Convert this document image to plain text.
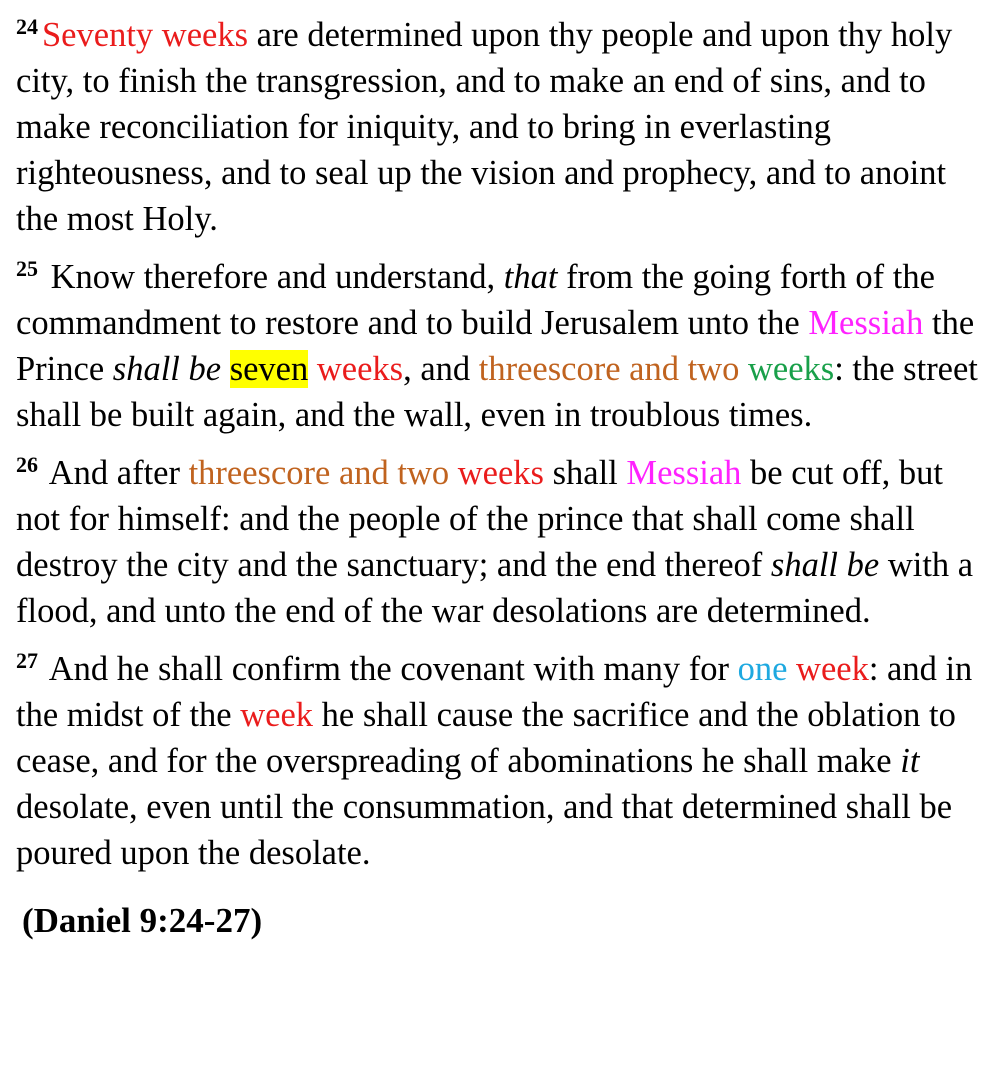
$^{24}$ Seventy weeks are determined upon thy people and upon thy holy city, to finish the transgression, and to make an end of sins, and to make reconciliation for iniquity, and to bring in everlasting righteousness, and to seal up the vision and prophecy, and to anoint the most Holy.

$^{25}$ Know therefore and understand, that from the going forth of the commandment to restore and to build Jerusalem unto the Messiah the Prince shall be seven weeks, and threescore and two weeks: the street shall be built again, and the wall, even in troublous times.

$^{26}$ And after threescore and two weeks shall Messiah be cut off, but not for himself: and the people of the prince that shall come shall destroy the city and the sanctuary; and the end thereof shall be with a flood, and unto the end of the war desolations are determined.

$^{27}$ And he shall confirm the covenant with many for one week: and in the midst of the week he shall cause the sacrifice and the oblation to cease, and for the overspreading of abominations he shall make it desolate, even until the consummation, and that determined shall be poured upon the desolate.

(Daniel 9:24-27)
